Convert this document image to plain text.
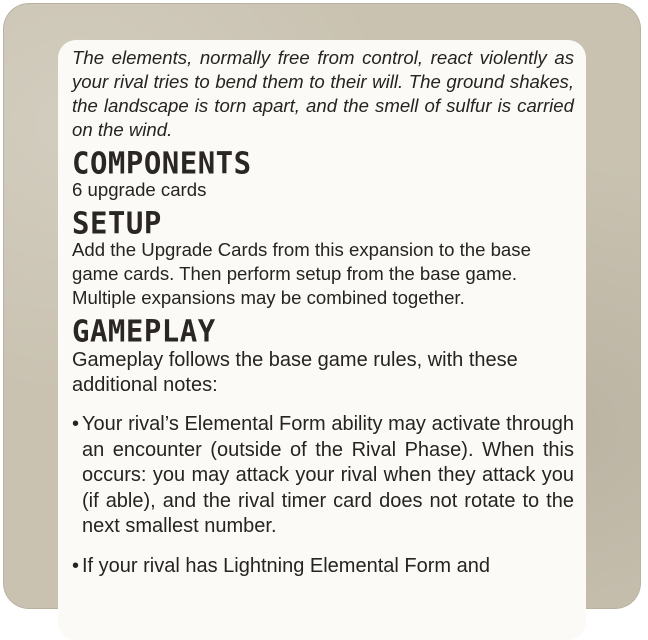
The elements, normally free from control, react violently as your rival tries to bend them to their will. The ground shakes, the landscape is torn apart, and the smell of sulfur is carried on the wind.

COMPONENTS

6 upgrade cards

SETUP

Add the Upgrade Cards from this expansion to the base game cards. Then perform setup from the base game. Multiple expansions may be combined together.

GAMEPLAY

Gameplay follows the base game rules, with these additional notes:

• Your rival’s Elemental Form ability may activate through an encounter (outside of the Rival Phase). When this occurs: you may attack your rival when they attack you (if able), and the rival timer card does not rotate to the next smallest number.
• If your rival has Lightning Elemental Form and
